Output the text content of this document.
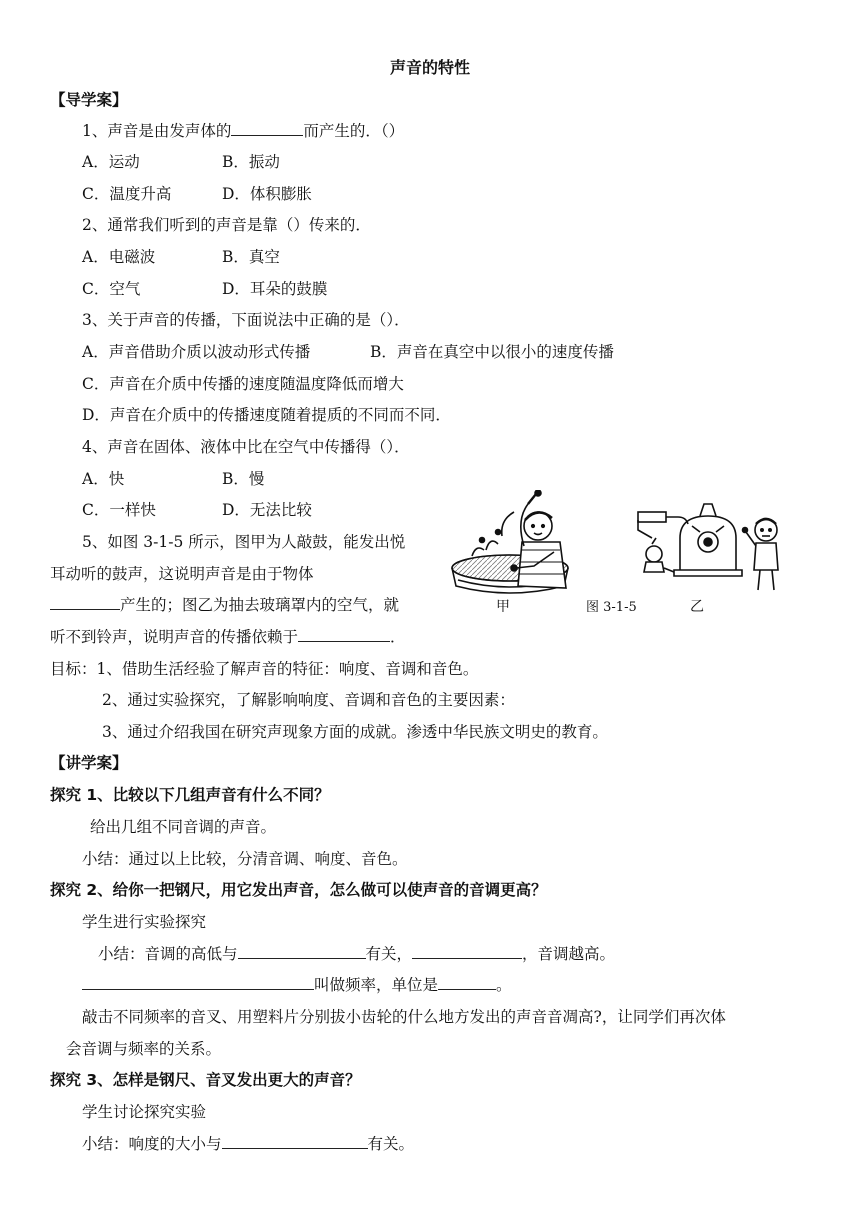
声音的特性
【导学案】
1、声音是由发声体的	而产生的．（）
A．运动	B．振动
C．温度升高	D．体积膨胀
2、通常我们听到的声音是靠（）传来的．
A．电磁波	B．真空
C．空气	D．耳朵的鼓膜
3、关于声音的传播，下面说法中正确的是（）．
A．声音借助介质以波动形式传播	B．声音在真空中以很小的速度传播
C．声音在介质中传播的速度随温度降低而增大
D．声音在介质中的传播速度随着提质的不同而不同．
4、声音在固体、液体中比在空气中传播得（）．
A．快	B．慢
C．一样快	D．无法比较
5、如图 3-1-5 所示，图甲为人敲鼓，能发出悦
耳动听的鼓声，这说明声音是由于物体
产生的；图乙为抽去玻璃罩内的空气，就
听不到铃声，说明声音的传播依赖于	．
甲	图 3-1-5	乙
目标：1、借助生活经验了解声音的特征：响度、音调和音色。
2、通过实验探究，了解影响响度、音调和音色的主要因素：
3、通过介绍我国在研究声现象方面的成就。渗透中华民族文明史的教育。
【讲学案】
探究 1、比较以下几组声音有什么不同？
给出几组不同音调的声音。
小结：通过以上比较，分清音调、响度、音色。
探究 2、给你一把钢尺，用它发出声音，怎么做可以使声音的音调更高？
学生进行实验探究
小结：音调的高低与	有关，	，音调越高。
叫做频率，单位是	。
敲击不同频率的音叉、用塑料片分别拔小齿轮的什么地方发出的声音音凋高?，让同学们再次体
会音调与频率的关系。
探究 3、怎样是钢尺、音叉发出更大的声音？
学生讨论探究实验
小结：响度的大小与	有关。
